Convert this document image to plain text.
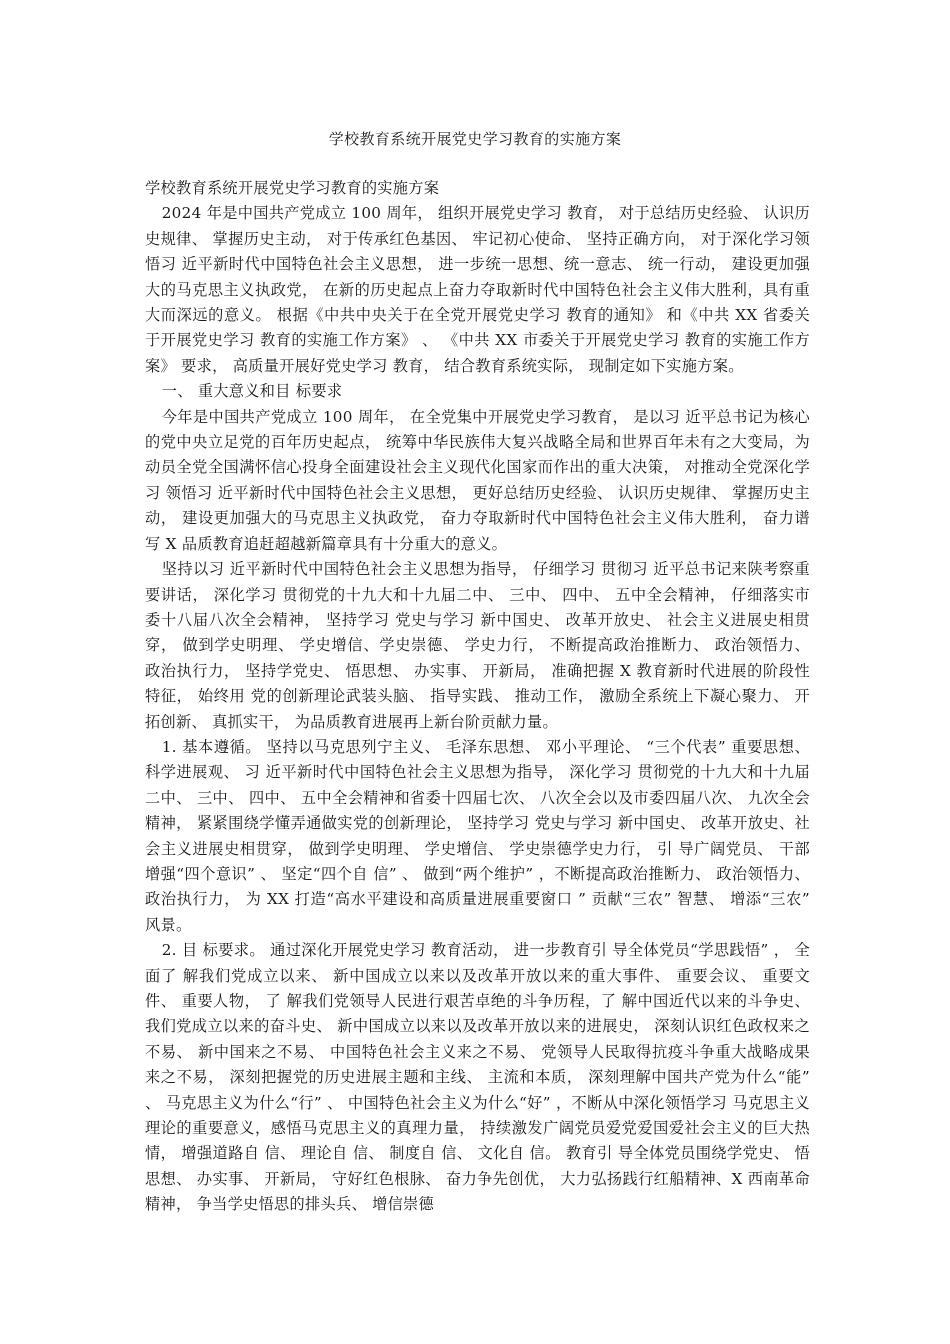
学校教育系统开展党史学习教育的实施方案

学校教育系统开展党史学习教育的实施方案

2024 年是中国共产党成立 100 周年， 组织开展党史学习 教育， 对于总结历史经验、 认识历史规律、 掌握历史主动， 对于传承红色基因、 牢记初心使命、 坚持正确方向， 对于深化学习领悟习 近平新时代中国特色社会主义思想， 进一步统一思想、统一意志、 统一行动， 建设更加强大的马克思主义执政党， 在新的历史起点上奋力夺取新时代中国特色社会主义伟大胜利，具有重大而深远的意义。 根据《中共中央关于在全党开展党史学习 教育的通知》 和《中共 XX 省委关于开展党史学习 教育的实施工作方案》 、 《中共 XX 市委关于开展党史学习 教育的实施工作方案》 要求， 高质量开展好党史学习 教育， 结合教育系统实际， 现制定如下实施方案。

一、 重大意义和目 标要求

今年是中国共产党成立 100 周年， 在全党集中开展党史学习教育， 是以习 近平总书记为核心的党中央立足党的百年历史起点， 统筹中华民族伟大复兴战略全局和世界百年未有之大变局，为动员全党全国满怀信心投身全面建设社会主义现代化国家而作出的重大决策， 对推动全党深化学习 领悟习 近平新时代中国特色社会主义思想， 更好总结历史经验、 认识历史规律、 掌握历史主动， 建设更加强大的马克思主义执政党， 奋力夺取新时代中国特色社会主义伟大胜利， 奋力谱写 X 品质教育追赶超越新篇章具有十分重大的意义。

坚持以习 近平新时代中国特色社会主义思想为指导， 仔细学习 贯彻习 近平总书记来陕考察重要讲话， 深化学习 贯彻党的十九大和十九届二中、 三中、 四中、 五中全会精神， 仔细落实市委十八届八次全会精神， 坚持学习 党史与学习 新中国史、 改革开放史、 社会主义进展史相贯穿， 做到学史明理、 学史增信、学史崇德、 学史力行， 不断提高政治推断力、 政治领悟力、 政治执行力， 坚持学党史、 悟思想、 办实事、 开新局， 准确把握 X 教育新时代进展的阶段性特征， 始终用 党的创新理论武装头脑、 指导实践、 推动工作， 激励全系统上下凝心聚力、 开拓创新、 真抓实干， 为品质教育进展再上新台阶贡献力量。

1. 基本遵循。 坚持以马克思列宁主义、 毛泽东思想、 邓小平理论、 “三个代表” 重要思想、 科学进展观、 习 近平新时代中国特色社会主义思想为指导， 深化学习 贯彻党的十九大和十九届二中、 三中、 四中、 五中全会精神和省委十四届七次、 八次全会以及市委四届八次、 九次全会精神， 紧紧围绕学懂弄通做实党的创新理论， 坚持学习 党史与学习 新中国史、 改革开放史、社会主义进展史相贯穿， 做到学史明理、 学史增信、 学史崇德学史力行， 引 导广阔党员、 干部增强“四个意识” 、 坚定“四个自 信” 、 做到“两个维护” ，不断提高政治推断力、 政治领悟力、 政治执行力， 为 XX 打造“高水平建设和高质量进展重要窗口 ” 贡献“三农” 智慧、 增添“三农” 风景。

2. 目 标要求。 通过深化开展党史学习 教育活动， 进一步教育引 导全体党员“学思践悟” ， 全面了 解我们党成立以来、 新中国成立以来以及改革开放以来的重大事件、 重要会议、 重要文件、 重要人物， 了 解我们党领导人民进行艰苦卓绝的斗争历程，了 解中国近代以来的斗争史、 我们党成立以来的奋斗史、 新中国成立以来以及改革开放以来的进展史， 深刻认识红色政权来之不易、 新中国来之不易、 中国特色社会主义来之不易、 党领导人民取得抗疫斗争重大战略成果来之不易， 深刻把握党的历史进展主题和主线、 主流和本质， 深刻理解中国共产党为什么“能” 、 马克思主义为什么“行” 、 中国特色社会主义为什么“好” ，不断从中深化领悟学习 马克思主义理论的重要意义，感悟马克思主义的真理力量， 持续激发广阔党员爱党爱国爱社会主义的巨大热情， 增强道路自 信、 理论自 信、 制度自 信、 文化自 信。 教育引 导全体党员围绕学党史、 悟思想、 办实事、 开新局， 守好红色根脉、 奋力争先创优， 大力弘扬践行红船精神、X 西南革命精神， 争当学史悟思的排头兵、 增信崇德
